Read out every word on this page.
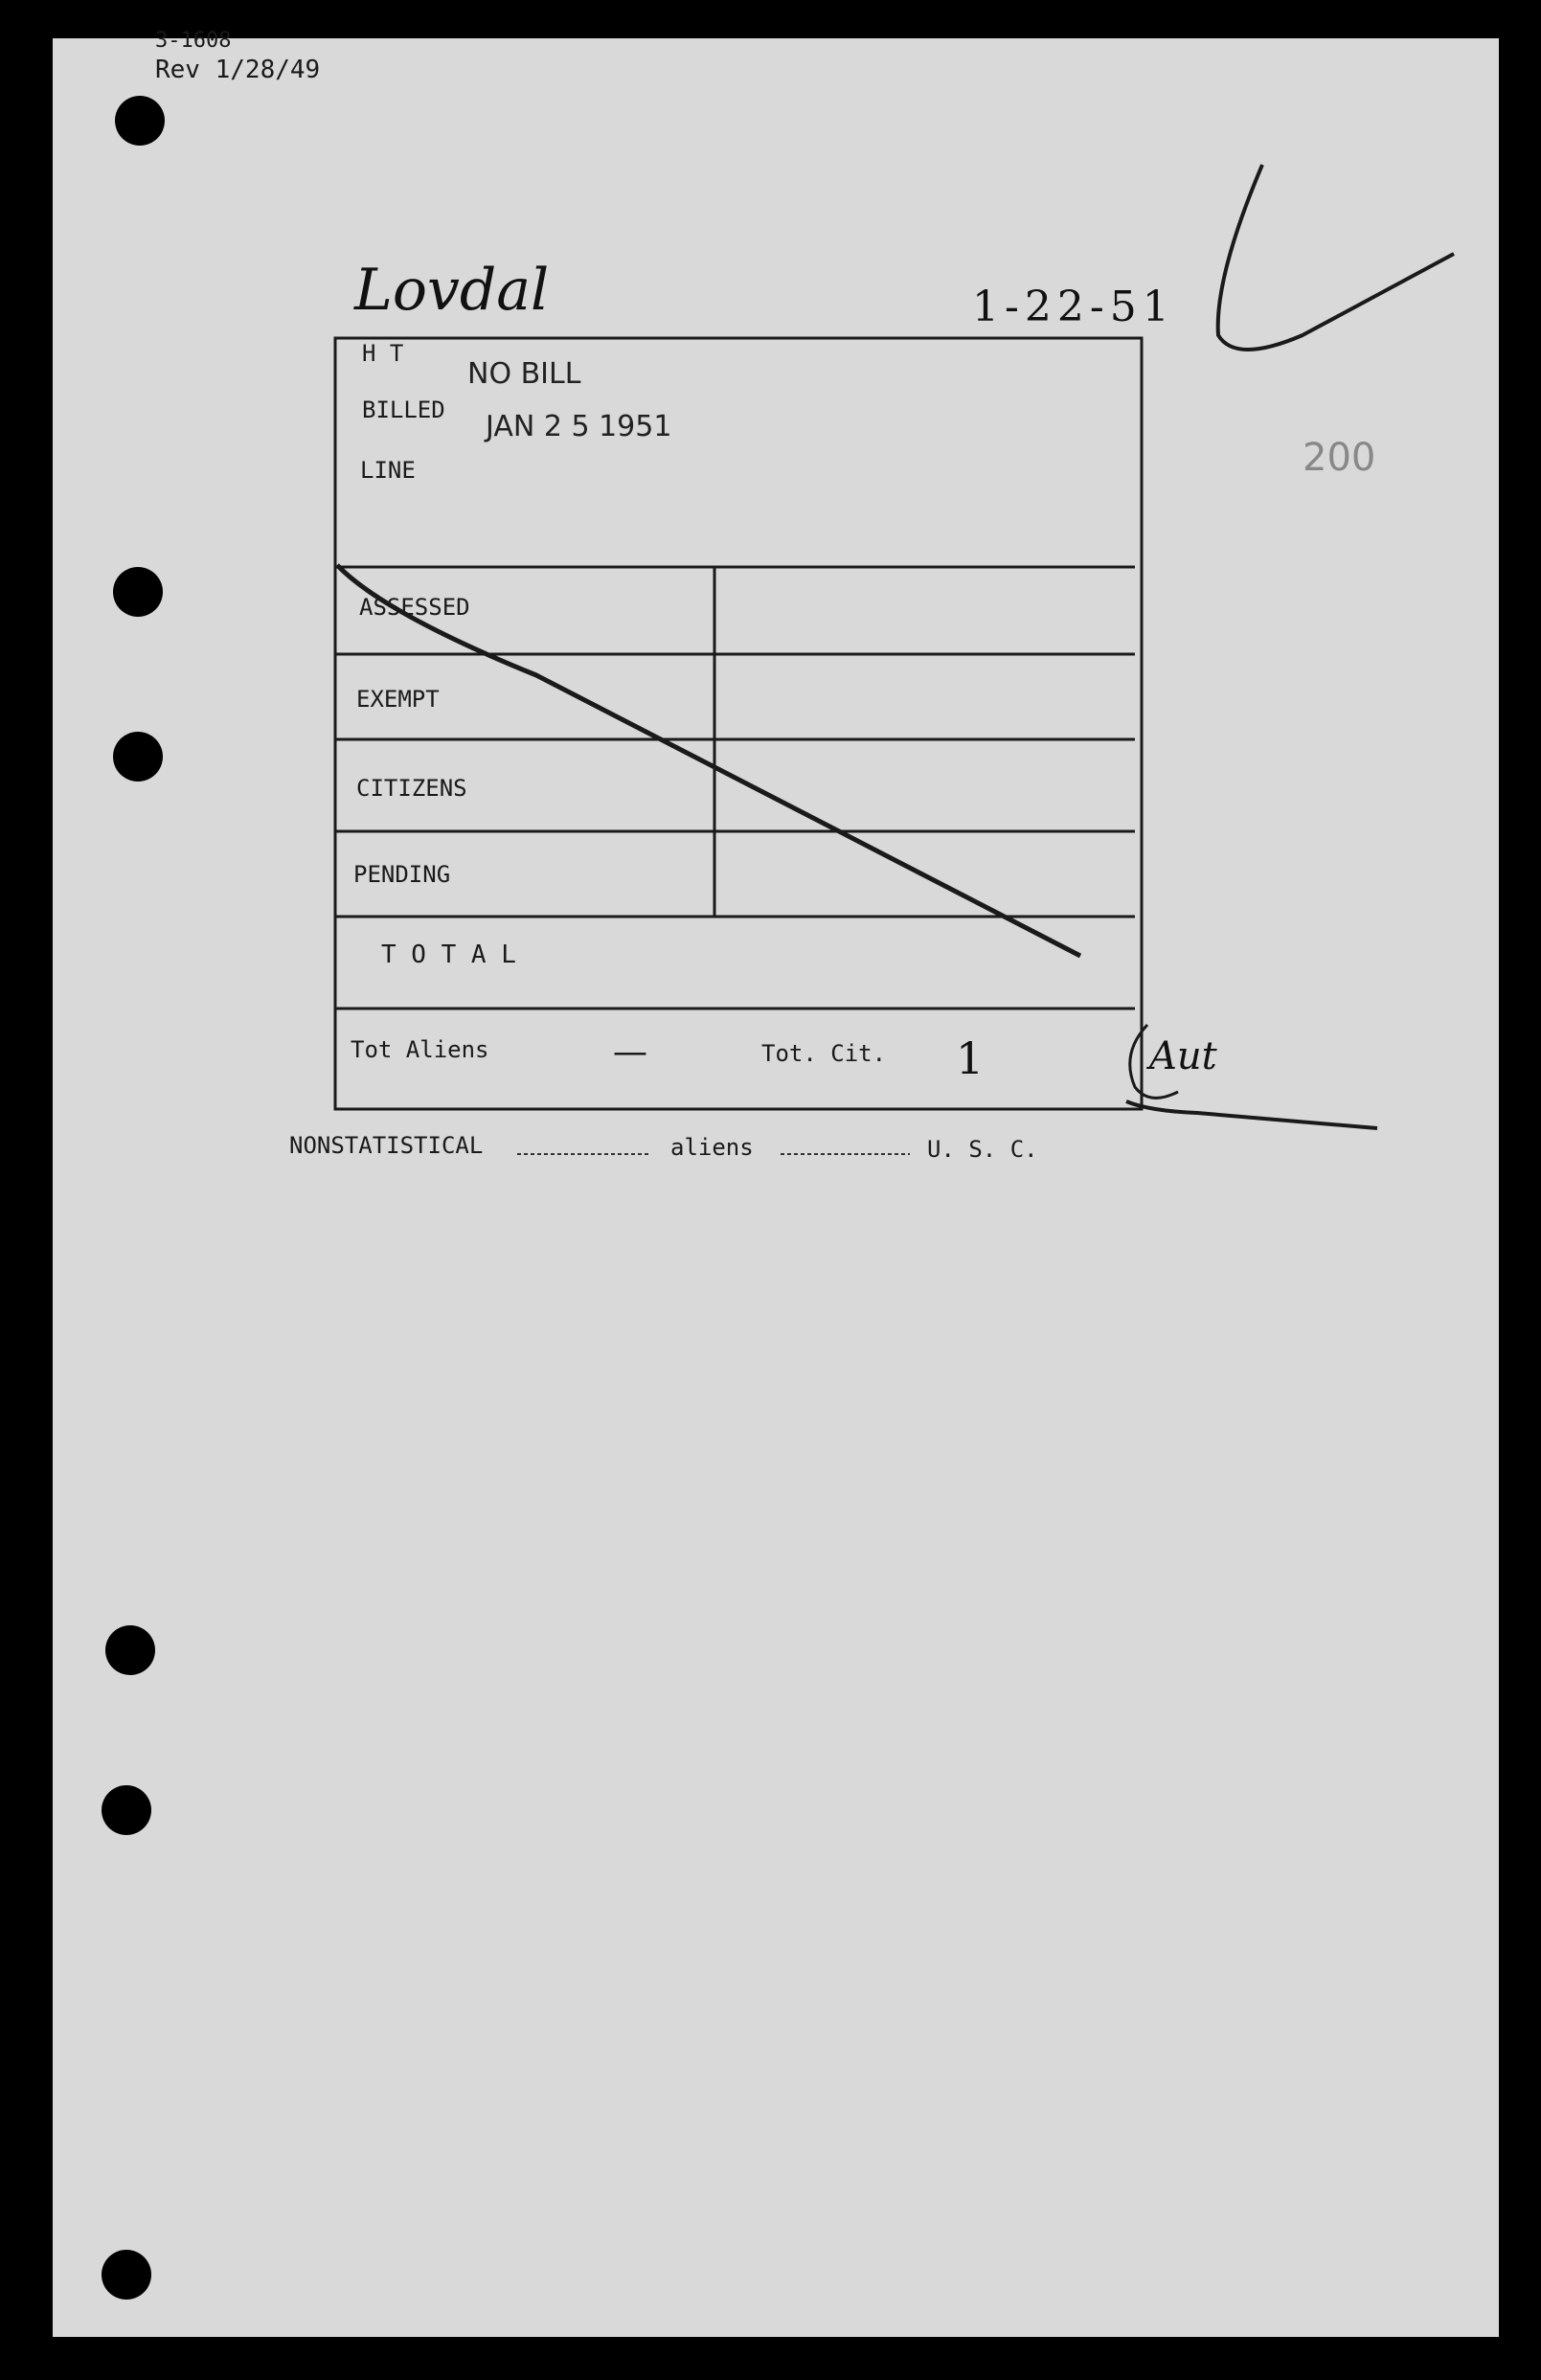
3-1608
Rev 1/28/49
Lovdal	1-22-51
200
H T
NO BILL
BILLED JAN 2 5 1951
LINE
ASSESSED
EXEMPT
CITIZENS
PENDING
T O T A L
Tot Aliens	—	Tot. Cit. 1	Aut
NONSTATISTICAL	aliens	U. S. C.
